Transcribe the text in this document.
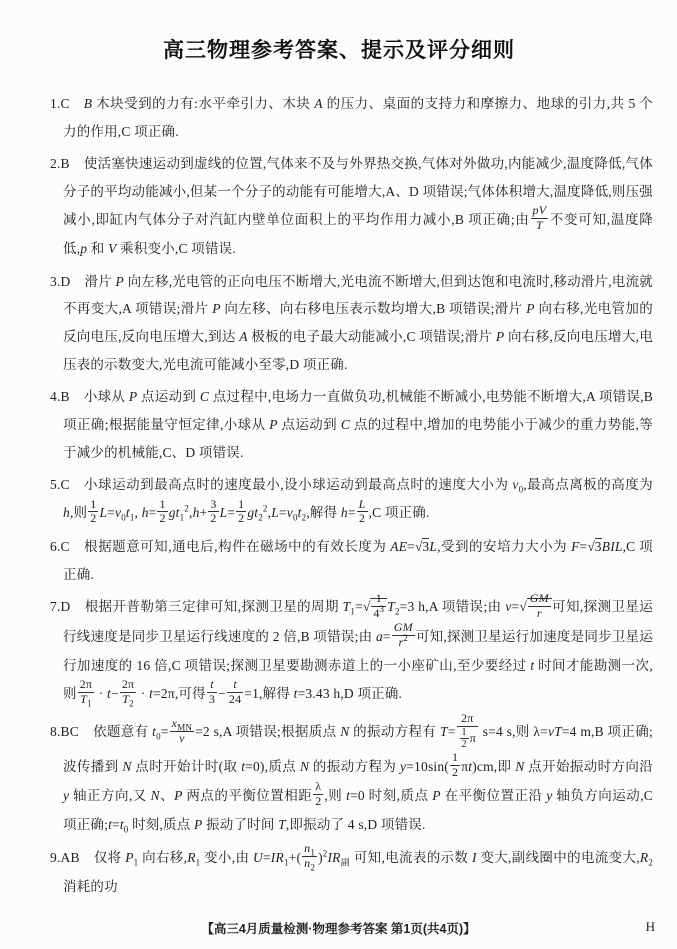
高三物理参考答案、提示及评分细则
1.C B 木块受到的力有:水平牵引力、木块 A 的压力、桌面的支持力和摩擦力、地球的引力,共 5 个力的作用,C 项正确.
2.B 使活塞快速运动到虚线的位置,气体来不及与外界热交换,气体对外做功,内能减少,温度降低,气体分子的平均动能减小,但某一个分子的动能有可能增大,A、D 项错误;气体体积增大,温度降低,则压强减小,即缸内气体分子对汽缸内壁单位面积上的平均作用力减小,B 项正确;由 $\frac{pV}{T}$ 不变可知,温度降低,p 和 V 乘积变小,C 项错误.
3.D 滑片 P 向左移,光电管的正向电压不断增大,光电流不断增大,但到达饱和电流时,移动滑片,电流就不再变大,A 项错误;滑片 P 向左移、向右移电压表示数均增大,B 项错误;滑片 P 向右移,光电管加的反向电压,反向电压增大,到达 A 极板的电子最大动能减小,C 项错误;滑片 P 向右移,反向电压增大,电压表的示数变大,光电流可能减小至零,D 项正确.
4.B 小球从 P 点运动到 C 点过程中,电场力一直做负功,机械能不断减小,电势能不断增大,A 项错误,B 项正确;根据能量守恒定律,小球从 P 点运动到 C 点的过程中,增加的电势能小于减少的重力势能,等于减少的机械能,C、D 项错误.
5.C 小球运动到最高点时的速度最小,设小球运动到最高点时的速度大小为 $v_0$,最高点离板的高度为 h,则 $\frac{1}{2} L=v_0t_1$, $h= \frac{1}{2} gt_1^2,h+ \frac{3}{2} L= \frac{1}{2} gt_2^2,L=v_0t_2$,解得 $h= \frac{L}{2} ,C$ 项正确.
6.C 根据题意可知,通电后,构件在磁场中的有效长度为 AE=√3L,受到的安培力大小为 F=√3BIL,C 项正确.
7.D 根据开普勒第三定律可知,探测卫星的周期 $T_1=√ \frac{1}{4^3} T_2=3$ h,A 项错误;由 $v=√ \frac{GM}{r}$ 可知,探测卫星运行线速度是同步卫星运行线速度的 2 倍,B 项错误;由 $a= \frac{GM}{r^2}$ 可知,探测卫星运行加速度是同步卫星运行加速度的 16 倍,C 项错误;探测卫星要勘测赤道上的一小座矿山,至少要经过 t 时间才能勘测一次,则 $\frac{2\pi}{T_1} \cdot t- \frac{2\pi}{T_2} \cdot t=2\pi$,可得 $\frac{t}{3} - \frac{t}{24} =1$,解得 t=3.43 h,D 项正确.
8.BC 依题意有 $t_0=$
$x_{MN}$
v =2 s,A 项错误;根据质点 N 的振动方程有 $T= \frac{2\pi}{\frac{1}{2} \pi} s=4$ s,则 λ=vT=4 m,B 项正确;波传播到 N 点时开始计时(取 t=0),质点 N 的振动方程为 $y=10\sin( \frac{1}{2} \pi t)cm$,即 N 点开始振动时方向沿 y 轴正方向,又 N、P 两点的平衡位置相距 $\frac{\lambda}{2}$ ,则 t=0 时刻,质点 P 在平衡位置正沿 y 轴负方向运动,C 项正确$;t=t_0$ 时刻,质点 P 振动了时间 T,即振动了 4 s,D 项错误.
9.AB 仅将 $P_1$ 向右移$,R_1$ 变小,由 $U=IR_1+( \frac{n_1}{n_2} )^2IR_副$ 可知,电流表的示数 I 变大,副线圈中的电流变大$,R_2$ 消耗的功
【高三4月质量检测·物理参考答案 第1页(共4页)】	H
